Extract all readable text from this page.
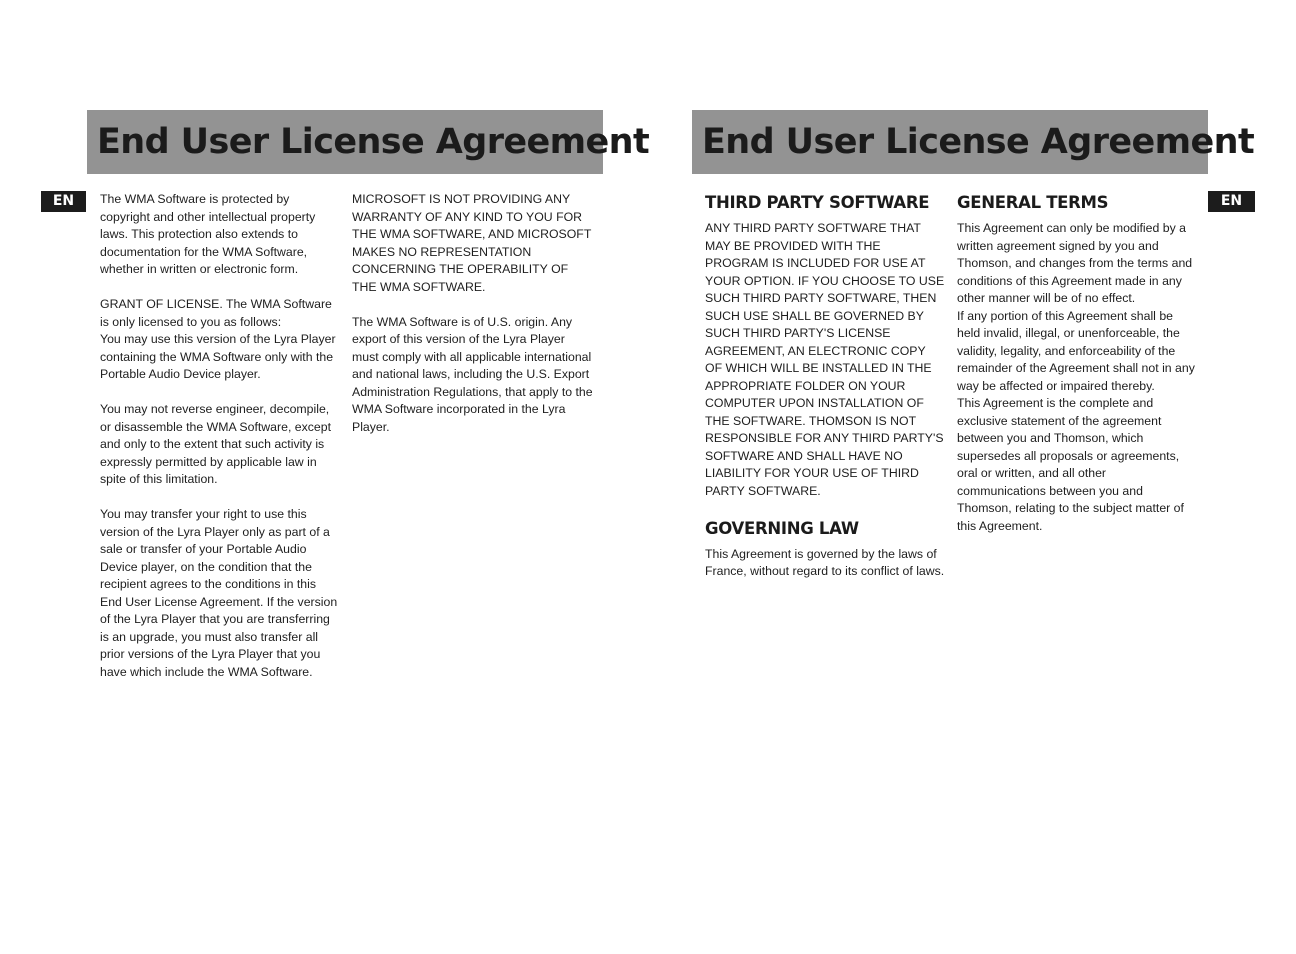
End User License Agreement
EN	The WMA Software is protected by copyright and other intellectual property laws. This protection also extends to documentation for the WMA Software, whether in written or electronic form.

GRANT OF LICENSE. The WMA Software is only licensed to you as follows:
You may use this version of the Lyra Player containing the WMA Software only with the Portable Audio Device player.

You may not reverse engineer, decompile, or disassemble the WMA Software, except and only to the extent that such activity is expressly permitted by applicable law in spite of this limitation.

You may transfer your right to use this version of the Lyra Player only as part of a sale or transfer of your Portable Audio Device player, on the condition that the recipient agrees to the conditions in this End User License Agreement. If the version of the Lyra Player that you are transferring is an upgrade, you must also transfer all prior versions of the Lyra Player that you have which include the WMA Software.

MICROSOFT IS NOT PROVIDING ANY WARRANTY OF ANY KIND TO YOU FOR THE WMA SOFTWARE, AND MICROSOFT MAKES NO REPRESENTATION CONCERNING THE OPERABILITY OF THE WMA SOFTWARE.

The WMA Software is of U.S. origin. Any export of this version of the Lyra Player must comply with all applicable international and national laws, including the U.S. Export Administration Regulations, that apply to the WMA Software incorporated in the Lyra Player.

End User License Agreement
EN
THIRD PARTY SOFTWARE

ANY THIRD PARTY SOFTWARE THAT MAY BE PROVIDED WITH THE PROGRAM IS INCLUDED FOR USE AT YOUR OPTION. IF YOU CHOOSE TO USE SUCH THIRD PARTY SOFTWARE, THEN SUCH USE SHALL BE GOVERNED BY SUCH THIRD PARTY'S LICENSE AGREEMENT, AN ELECTRONIC COPY OF WHICH WILL BE INSTALLED IN THE APPROPRIATE FOLDER ON YOUR COMPUTER UPON INSTALLATION OF THE SOFTWARE. THOMSON IS NOT RESPONSIBLE FOR ANY THIRD PARTY'S SOFTWARE AND SHALL HAVE NO LIABILITY FOR YOUR USE OF THIRD PARTY SOFTWARE.

GOVERNING LAW

This Agreement is governed by the laws of France, without regard to its conflict of laws.

GENERAL TERMS

This Agreement can only be modified by a written agreement signed by you and Thomson, and changes from the terms and conditions of this Agreement made in any other manner will be of no effect.
If any portion of this Agreement shall be held invalid, illegal, or unenforceable, the validity, legality, and enforceability of the remainder of the Agreement shall not in any way be affected or impaired thereby.
This Agreement is the complete and exclusive statement of the agreement between you and Thomson, which supersedes all proposals or agreements, oral or written, and all other communications between you and Thomson, relating to the subject matter of this Agreement.
